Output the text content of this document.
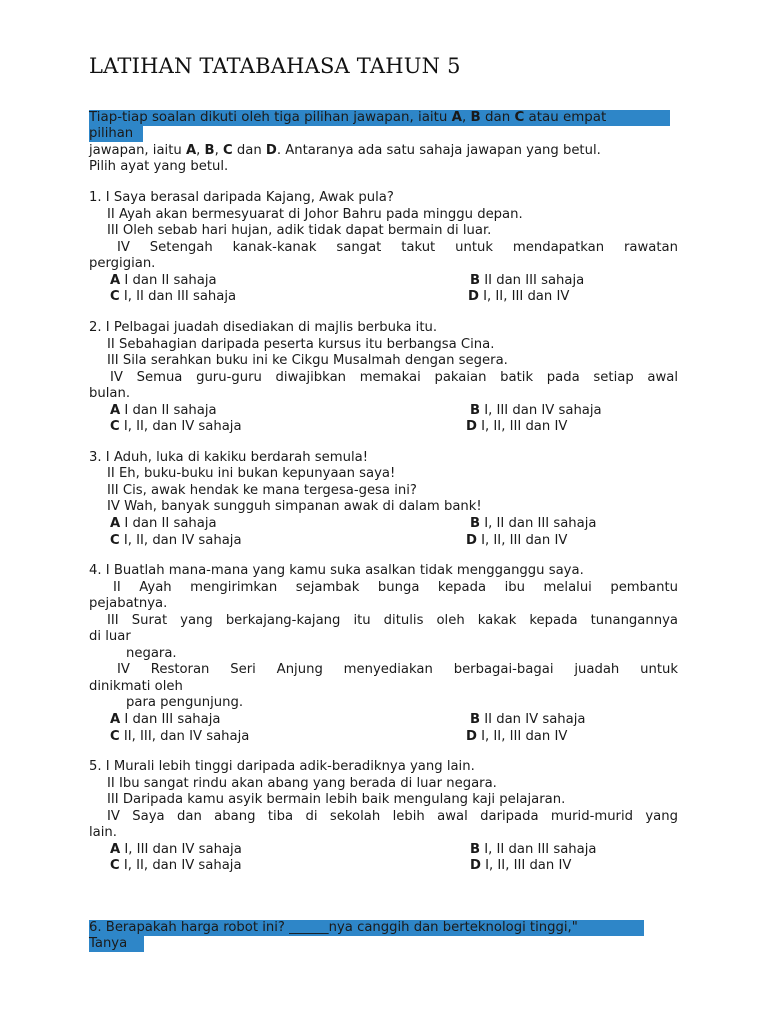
LATIHAN TATABAHASA TAHUN 5
Tiap-tiap soalan dikuti oleh tiga pilihan jawapan, iaitu A, B dan C atau empat
pilihan
jawapan, iaitu A, B, C dan D. Antaranya ada satu sahaja jawapan yang betul.
Pilih ayat yang betul.
1. I Saya berasal daripada Kajang, Awak pula?
II Ayah akan bermesyuarat di Johor Bahru pada minggu depan.
III Oleh sebab hari hujan, adik tidak dapat bermain di luar.
IV Setengah kanak-kanak sangat takut untuk mendapatkan rawatan
pergigian.
A I dan II sahaja	B II dan III sahaja
C I, II dan III sahaja	D I, II, III dan IV
2. I Pelbagai juadah disediakan di majlis berbuka itu.
II Sebahagian daripada peserta kursus itu berbangsa Cina.
III Sila serahkan buku ini ke Cikgu Musalmah dengan segera.
IV Semua guru-guru diwajibkan memakai pakaian batik pada setiap awal
bulan.
A I dan II sahaja	B I, III dan IV sahaja
C I, II, dan IV sahaja	D I, II, III dan IV
3. I Aduh, luka di kakiku berdarah semula!
II Eh, buku-buku ini bukan kepunyaan saya!
III Cis, awak hendak ke mana tergesa-gesa ini?
IV Wah, banyak sungguh simpanan awak di dalam bank!
A I dan II sahaja	B I, II dan III sahaja
C I, II, dan IV sahaja	D I, II, III dan IV
4. I Buatlah mana-mana yang kamu suka asalkan tidak mengganggu saya.
II Ayah mengirimkan sejambak bunga kepada ibu melalui pembantu
pejabatnya.
III Surat yang berkajang-kajang itu ditulis oleh kakak kepada tunangannya
di luar
negara.
IV Restoran Seri Anjung menyediakan berbagai-bagai juadah untuk
dinikmati oleh
para pengunjung.
A I dan III sahaja	B II dan IV sahaja
C II, III, dan IV sahaja	D I, II, III dan IV
5. I Murali lebih tinggi daripada adik-beradiknya yang lain.
II Ibu sangat rindu akan abang yang berada di luar negara.
III Daripada kamu asyik bermain lebih baik mengulang kaji pelajaran.
IV Saya dan abang tiba di sekolah lebih awal daripada murid-murid yang
lain.
A I, III dan IV sahaja	B I, II dan III sahaja
C I, II, dan IV sahaja	D I, II, III dan IV
6. Berapakah harga robot ini? ______nya canggih dan berteknologi tinggi,"
Tanya
